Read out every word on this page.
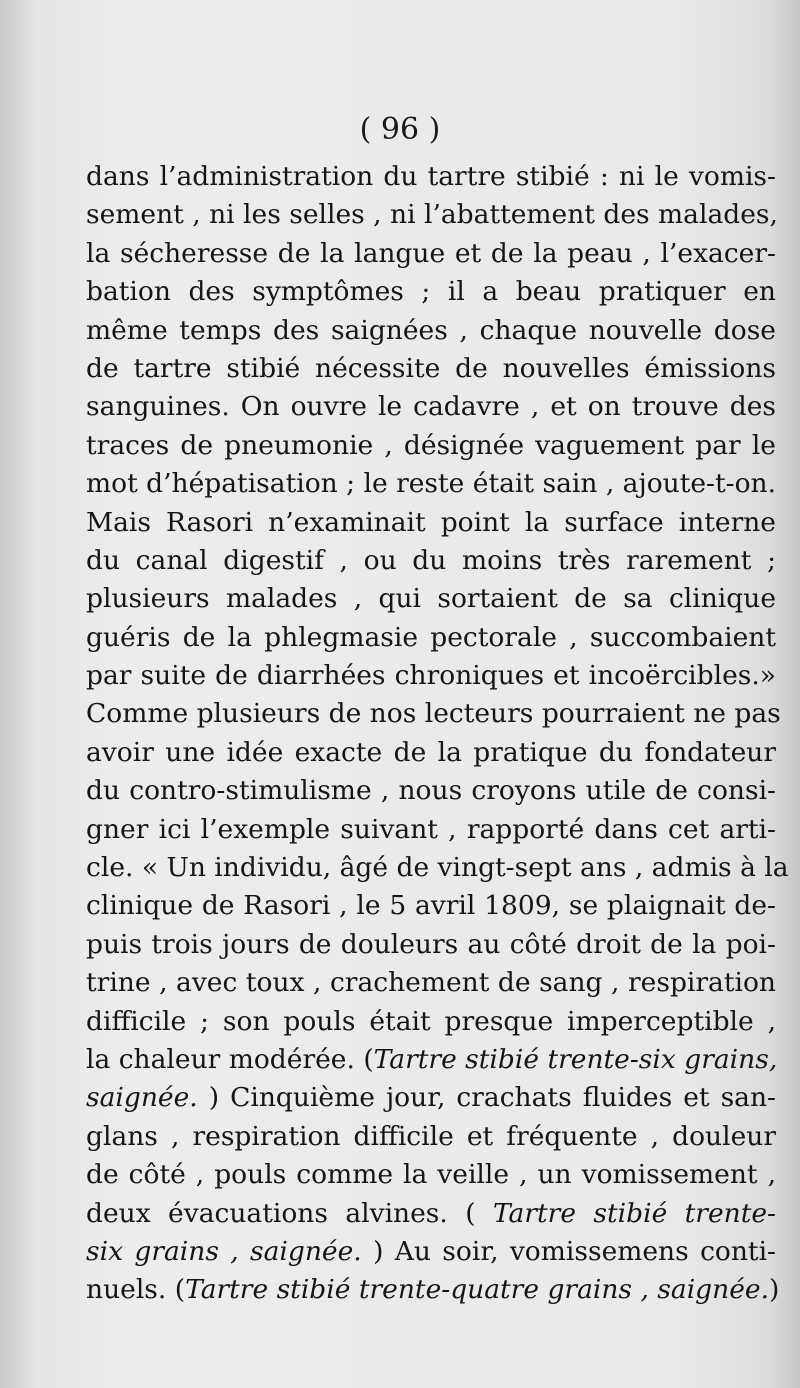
( 96 )
dans l’administration du tartre stibié : ni le vomis-
sement , ni les selles , ni l’abattement des malades,
la sécheresse de la langue et de la peau , l’exacer-
bation des symptômes ; il a beau pratiquer en
même temps des saignées , chaque nouvelle dose
de tartre stibié nécessite de nouvelles émissions
sanguines. On ouvre le cadavre , et on trouve des
traces de pneumonie , désignée vaguement par le
mot d’hépatisation ; le reste était sain , ajoute-t-on.
Mais Rasori n’examinait point la surface interne
du canal digestif , ou du moins très rarement ;
plusieurs malades , qui sortaient de sa clinique
guéris de la phlegmasie pectorale , succombaient
par suite de diarrhées chroniques et incoërcibles.»
Comme plusieurs de nos lecteurs pourraient ne pas
avoir une idée exacte de la pratique du fondateur
du contro-stimulisme , nous croyons utile de consi-
gner ici l’exemple suivant , rapporté dans cet arti-
cle. « Un individu, âgé de vingt-sept ans , admis à la
clinique de Rasori , le 5 avril 1809, se plaignait de-
puis trois jours de douleurs au côté droit de la poi-
trine , avec toux , crachement de sang , respiration
difficile ; son pouls était presque imperceptible ,
la chaleur modérée. (Tartre stibié trente-six grains,
saignée. ) Cinquième jour, crachats fluides et san-
glans , respiration difficile et fréquente , douleur
de côté , pouls comme la veille , un vomissement ,
deux évacuations alvines. ( Tartre stibié trente-
six grains , saignée. ) Au soir, vomissemens conti-
nuels. (Tartre stibié trente-quatre grains , saignée.)
